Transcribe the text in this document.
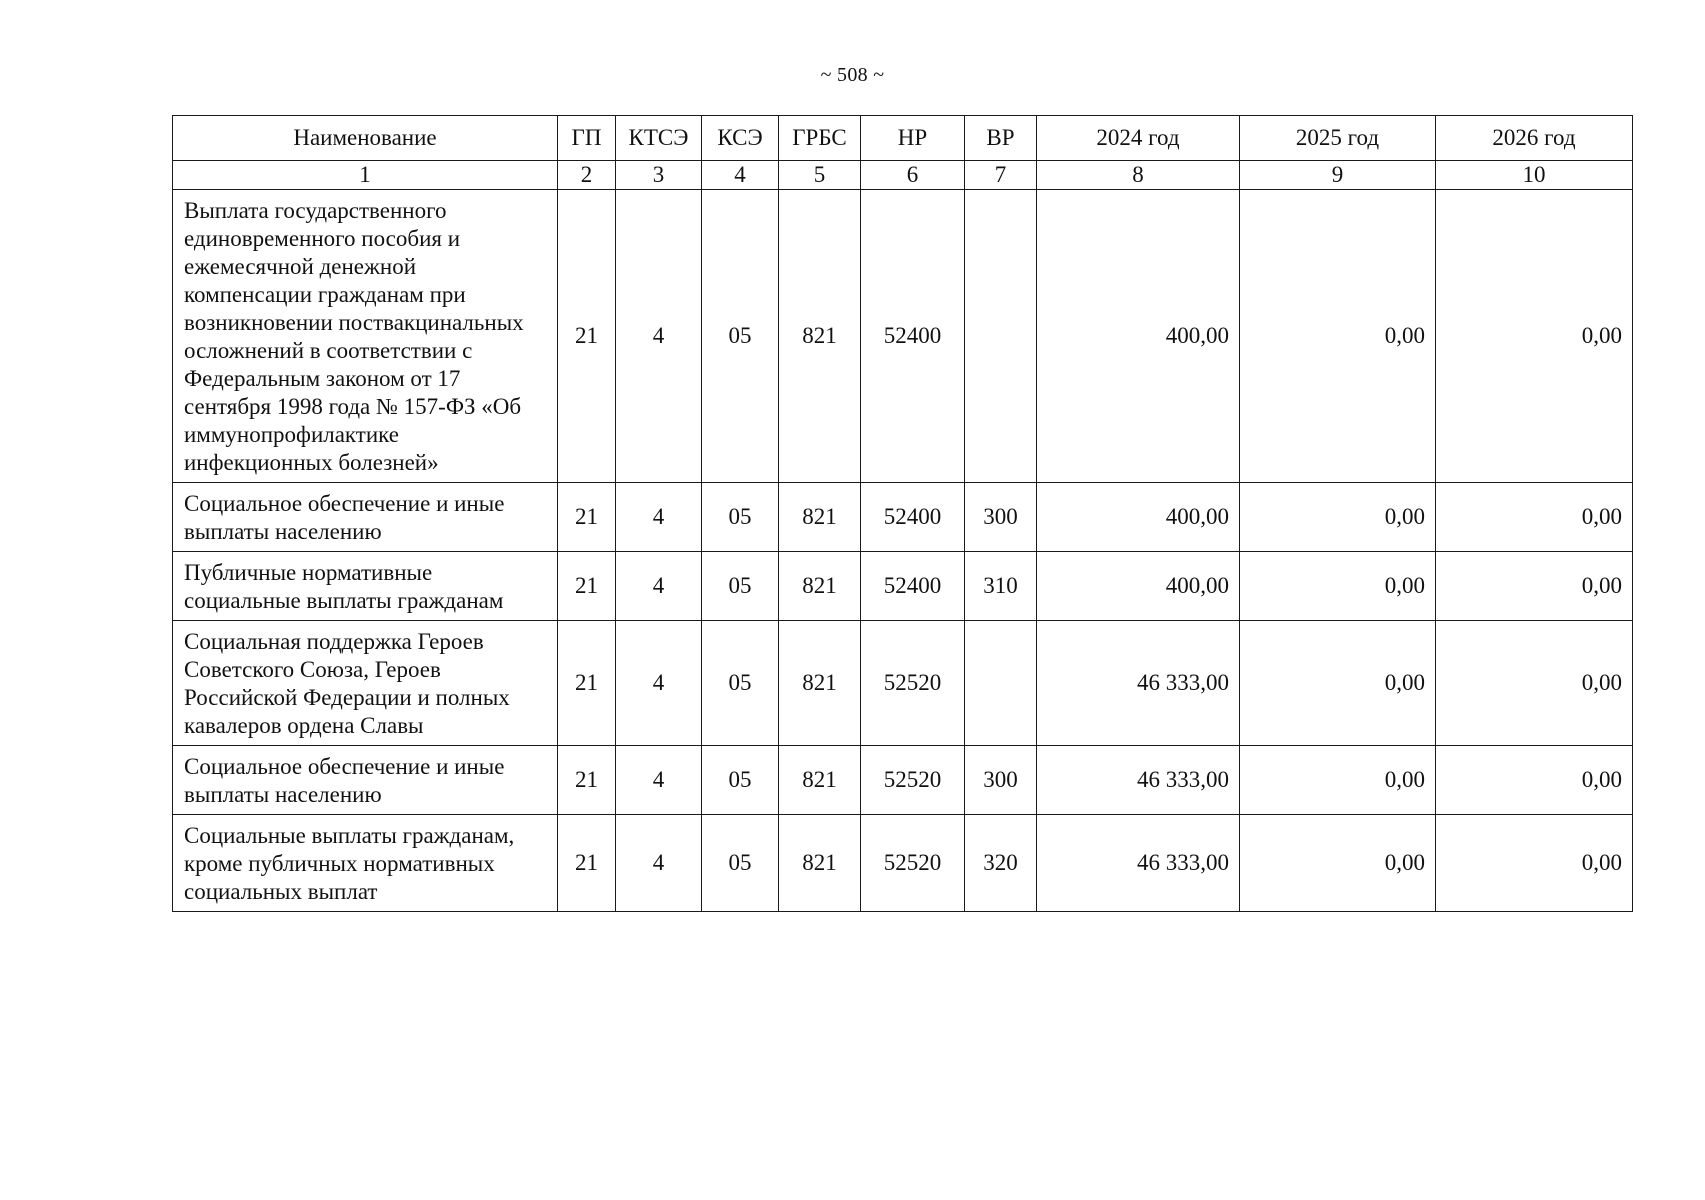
~ 508 ~
Наименование	ГП	КТСЭ	КСЭ	ГРБС	НР	ВР	2024 год	2025 год	2026 год
1	2	3	4	5	6	7	8	9	10
Выплата государственного единовременного пособия и ежемесячной денежной компенсации гражданам при возникновении поствакцинальных осложнений в соответствии с Федеральным законом от 17 сентября 1998 года № 157-ФЗ «Об иммунопрофилактике инфекционных болезней»	21	4	05	821	52400		400,00	0,00	0,00
Социальное обеспечение и иные выплаты населению	21	4	05	821	52400	300	400,00	0,00	0,00
Публичные нормативные социальные выплаты гражданам	21	4	05	821	52400	310	400,00	0,00	0,00
Социальная поддержка Героев Советского Союза, Героев Российской Федерации и полных кавалеров ордена Славы	21	4	05	821	52520		46 333,00	0,00	0,00
Социальное обеспечение и иные выплаты населению	21	4	05	821	52520	300	46 333,00	0,00	0,00
Социальные выплаты гражданам, кроме публичных нормативных социальных выплат	21	4	05	821	52520	320	46 333,00	0,00	0,00
